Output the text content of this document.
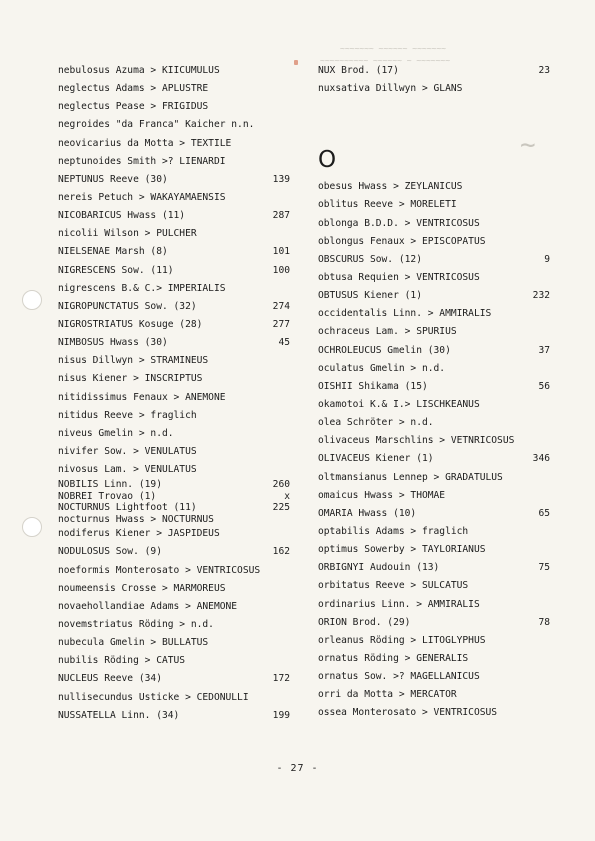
~~~~~~~ ~~~~~~ ~~~~~~~
~~~~~~~~~~ ~~~~~~ ~ ~~~~~~~
~
nebulosus Azuma > KIICUMULUS
neglectus Adams > APLUSTRE
neglectus Pease > FRIGIDUS
negroides "da Franca" Kaicher n.n.
neovicarius da Motta > TEXTILE
neptunoides Smith >? LIENARDI
NEPTUNUS Reeve (30)	139
nereis Petuch > WAKAYAMAENSIS
NICOBARICUS Hwass (11)	287
nicolii Wilson > PULCHER
NIELSENAE Marsh (8)	101
NIGRESCENS Sow. (11)	100
nigrescens B.& C.> IMPERIALIS
NIGROPUNCTATUS Sow. (32)	274
NIGROSTRIATUS Kosuge (28)	277
NIMBOSUS Hwass (30)	45
nisus Dillwyn > STRAMINEUS
nisus Kiener > INSCRIPTUS
nitidissimus Fenaux > ANEMONE
nitidus Reeve > fraglich
niveus Gmelin > n.d.
nivifer Sow. > VENULATUS
nivosus Lam. > VENULATUS
NOBILIS Linn. (19)	260
NOBREI Trovao (1)	x
NOCTURNUS Lightfoot (11)	225
nocturnus Hwass > NOCTURNUS
nodiferus Kiener > JASPIDEUS
NODULOSUS Sow. (9)	162
noeformis Monterosato > VENTRICOSUS
noumeensis Crosse > MARMOREUS
novaehollandiae Adams > ANEMONE
novemstriatus Röding > n.d.
nubecula Gmelin > BULLATUS
nubilis Röding > CATUS
NUCLEUS Reeve (34)	172
nullisecundus Usticke > CEDONULLI
NUSSATELLA Linn. (34)	199
NUX Brod. (17)	23
nuxsativa Dillwyn > GLANS
O
obesus Hwass > ZEYLANICUS
oblitus Reeve > MORELETI
oblonga B.D.D. > VENTRICOSUS
oblongus Fenaux > EPISCOPATUS
OBSCURUS Sow. (12)	9
obtusa Requien > VENTRICOSUS
OBTUSUS Kiener (1)	232
occidentalis Linn. > AMMIRALIS
ochraceus Lam. > SPURIUS
OCHROLEUCUS Gmelin (30)	37
oculatus Gmelin > n.d.
OISHII Shikama (15)	56
okamotoi K.& I.> LISCHKEANUS
olea Schröter > n.d.
olivaceus Marschlins > VETNRICOSUS
OLIVACEUS Kiener (1)	346
oltmansianus Lennep > GRADATULUS
omaicus Hwass > THOMAE
OMARIA Hwass (10)	65
optabilis Adams > fraglich
optimus Sowerby > TAYLORIANUS
ORBIGNYI Audouin (13)	75
orbitatus Reeve > SULCATUS
ordinarius Linn. > AMMIRALIS
ORION Brod. (29)	78
orleanus Röding > LITOGLYPHUS
ornatus Röding > GENERALIS
ornatus Sow. >? MAGELLANICUS
orri da Motta > MERCATOR
ossea Monterosato > VENTRICOSUS
- 27 -
